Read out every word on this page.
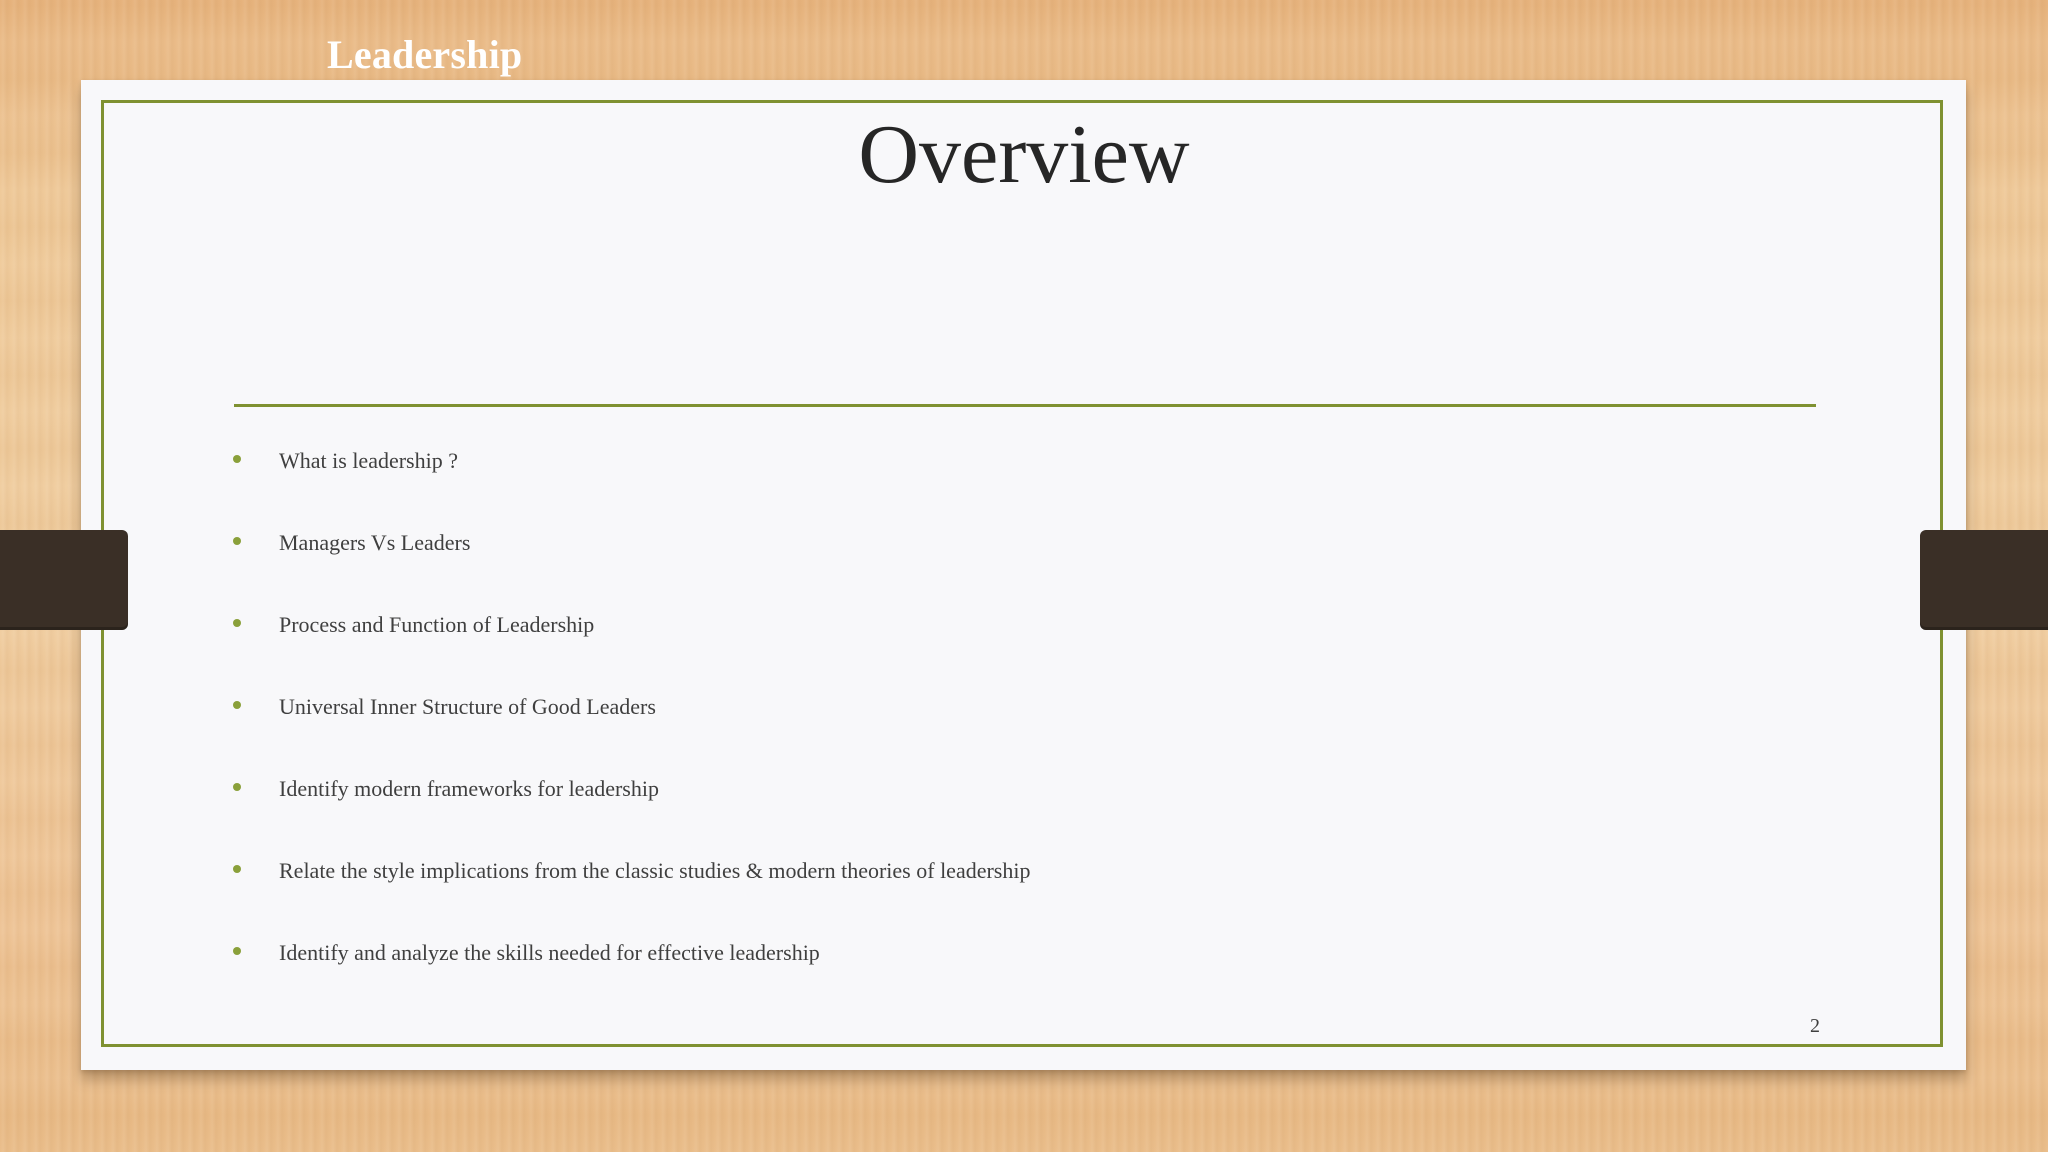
Leadership
Overview
What is leadership ?
Managers Vs Leaders
Process and Function of Leadership
Universal Inner Structure of Good Leaders
Identify modern frameworks for leadership
Relate the style implications from the classic studies & modern theories of leadership
Identify and analyze the skills needed for effective leadership
2
